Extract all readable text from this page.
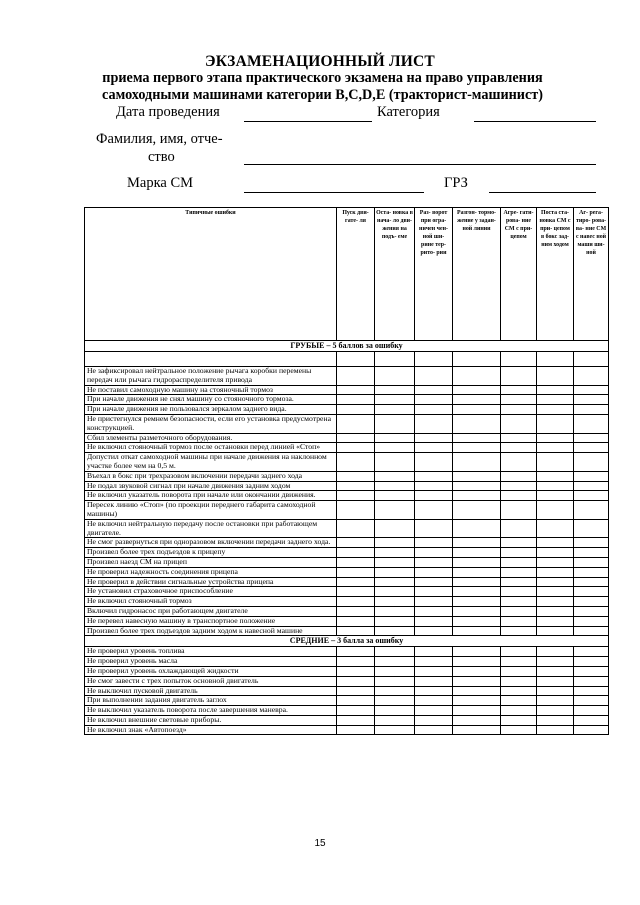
ЭКЗАМЕНАЦИОННЫЙ ЛИСТ
приема первого этапа практического экзамена на право управления самоходными машинами категории B,C,D,E (тракторист-машинист)
Дата проведения	Категория
Фамилия, имя, отче-
ство
Марка СМ	ГРЗ
Типичные ошибки	Пуск дви- гате- ля	Оста- новка в нача- ло дви- жения на подъ- еме	Раз- ворот при огра- ничен чен- ной ши- рине тер- рито- рии	Разгон- тормо- жение у задан- ной линии	Агре- гати- рова- ние СМ с при- цепом	Поста ста- новка СМ с при- цепом в бокс зад- ним ходом	Аг- регa- тиро- рова- ва- ние СМ с навес ной маши ши- ной
ГРУБЫЕ – 5 баллов за ошибку							

Не зафиксировал нейтральное положение рычага коробки перемены передач или рычага гидрораспределителя привода							
Не поставил самоходную машину на стояночный тормоз							
При начале движения не снял машину со стояночного тормоза.							
При начале движения не пользовался зеркалом заднего вида.							
Не пристегнулся ремнем безопасности, если его установка предусмотрена конструкцией.							
Сбил элементы разметочного оборудования.							
Не включил стояночный тормоз после остановки перед линией «Стоп»							
Допустил откат самоходной машины при начале движения на наклонном участке более чем на 0,5 м.							
Въехал в бокс при трехразовом включении передачи заднего хода							
Не подал звуковой сигнал при начале движения задним ходом							
Не включил указатель поворота при начале или окончании движения.							
Пересек линию «Стоп» (по проекции переднего габарита самоходной машины)							
Не включил нейтральную передачу после остановки при работающем двигателе.							
Не смог развернуться при одноразовом включении передачи заднего хода.							
Произвел более трех подъездов к прицепу							
Произвел наезд СМ на прицеп							
Не проверил надежность соединения прицепа							
Не проверил в действии сигнальные устройства прицепа							
Не установил страховочное приспособление							
Не включил стояночный тормоз							
Включил гидронасос при работающем двигателе							
Не перевел навесную машину в транспортное положение							
Произвел более трех подъездов задним ходом к навесной машине							
СРЕДНИЕ – 3 балла за ошибку							
Не проверил уровень топлива							
Не проверил уровень масла							
Не проверил уровень охлаждающей жидкости							
Не смог завести с трех попыток основной двигатель							
Не выключил пусковой двигатель							
При выполнении задания двигатель заглох							
Не выключил указатель поворота после завершения маневра.							
Не включил внешние световые приборы.							
Не включил знак «Автопоезд»							
15
